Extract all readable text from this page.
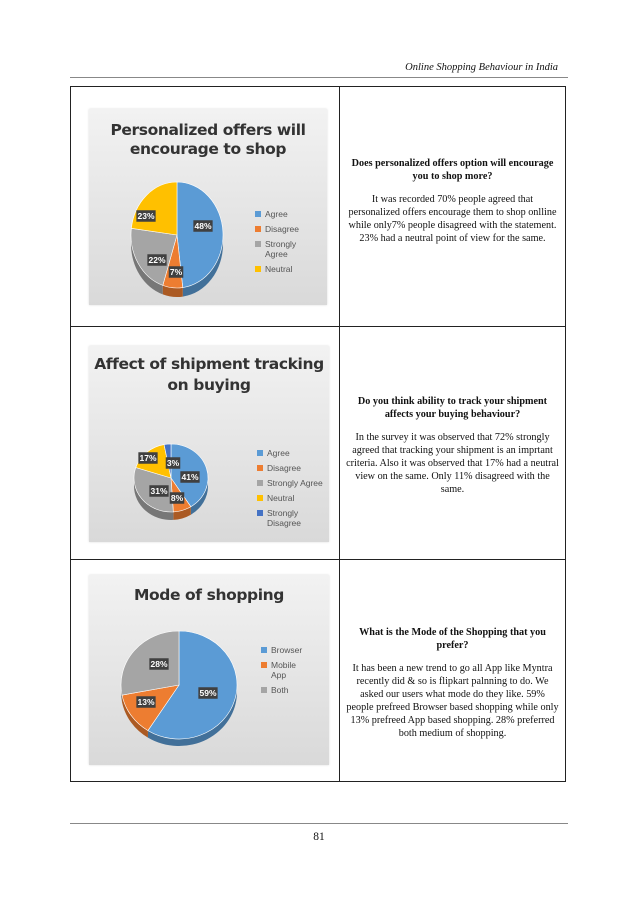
Online Shopping Behaviour in India
Personalized offers will encourage to shop
48%
7%
22%
23%	Agree
Disagree
Strongly Agree
Neutral
Does personalized offers option will encourage you to shop more?
It was recorded 70% people agreed that personalized offers encourage them to shop onlline while only7% people disagreed with the statement. 23% had a neutral point of view for the same.
Affect of shipment tracking on buying
41%
8%
31%
17% 3%
Agree
Disagree
Strongly Agree
Neutral
Strongly Disagree
Do you think ability to track your shipment affects your buying behaviour?
In the survey it was observed that 72% strongly agreed that tracking your shipment is an imprtant criteria. Also it was observed that 17% had a neutral view on the same. Only 11% disagreed with the same.
Mode of shopping
59%
13%
28%
Browser
Mobile App
Both
What is the Mode of the Shopping that you prefer?
It has been a new trend to go all App like Myntra recently did & so is flipkart palnning to do. We asked our users what mode do they like. 59% people prefreed Browser based shopping while only 13% prefreed App based shopping. 28% preferred both medium of shopping.
81
